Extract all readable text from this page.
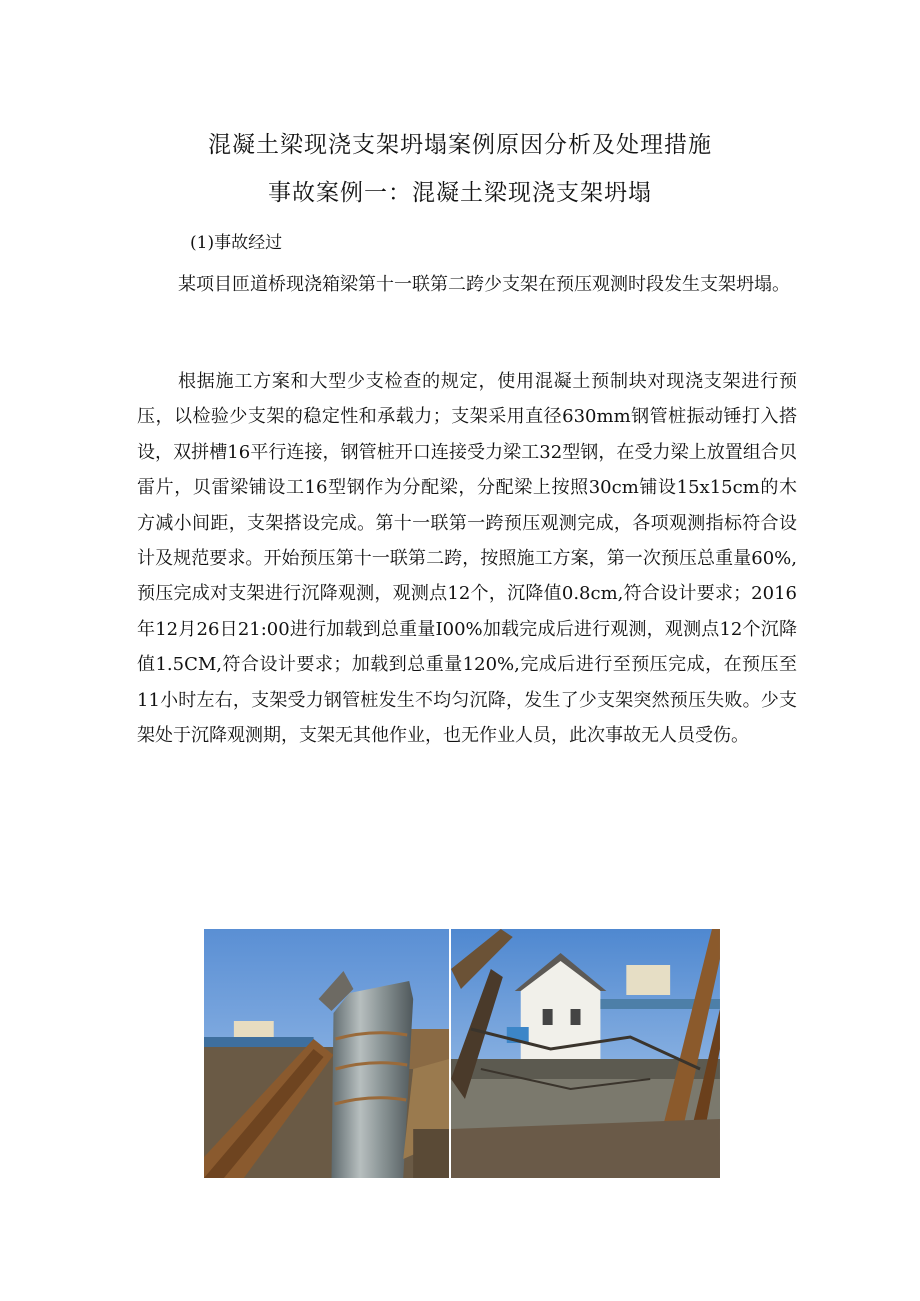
混凝土梁现浇支架坍塌案例原因分析及处理措施
事故案例一：混凝土梁现浇支架坍塌
(1)事故经过

某项目匝道桥现浇箱梁第十一联第二跨少支架在预压观测时段发生支架坍塌。

根据施工方案和大型少支检查的规定，使用混凝土预制块对现浇支架进行预压，以检验少支架的稳定性和承载力；支架采用直径630mm钢管桩振动锤打入搭设，双拼槽16平行连接，钢管桩开口连接受力梁工32型钢，在受力梁上放置组合贝雷片，贝雷梁铺设工16型钢作为分配梁，分配梁上按照30cm铺设15x15cm的木方减小间距，支架搭设完成。第十一联第一跨预压观测完成，各项观测指标符合设计及规范要求。开始预压第十一联第二跨，按照施工方案，第一次预压总重量60%,预压完成对支架进行沉降观测，观测点12个，沉降值0.8cm,符合设计要求；2016年12月26日21:00进行加载到总重量I00%加载完成后进行观测，观测点12个沉降值1.5CM,符合设计要求；加载到总重量120%,完成后进行至预压完成，在预压至11小时左右，支架受力钢管桩发生不均匀沉降，发生了少支架突然预压失败。少支架处于沉降观测期，支架无其他作业，也无作业人员，此次事故无人员受伤。
